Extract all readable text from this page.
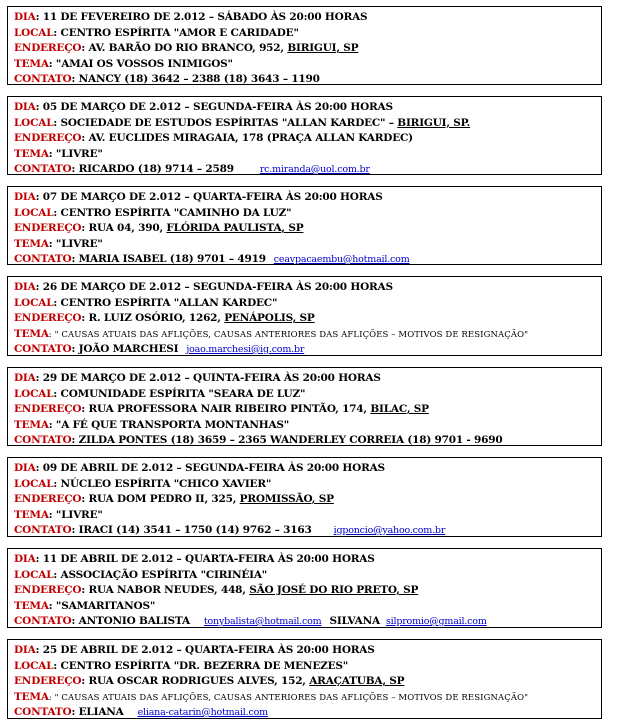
DIA: 11 DE FEVEREIRO DE 2.012 – SÁBADO ÀS 20:00 HORAS
LOCAL: CENTRO ESPÍRITA "AMOR E CARIDADE"
ENDEREÇO: AV. BARÃO DO RIO BRANCO, 952, BIRIGUI, SP
TEMA: "AMAI OS VOSSOS INIMIGOS"
CONTATO: NANCY (18) 3642 – 2388 (18) 3643 – 1190
DIA: 05 DE MARÇO DE 2.012 – SEGUNDA-FEIRA ÀS 20:00 HORAS
LOCAL: SOCIEDADE DE ESTUDOS ESPÍRITAS "ALLAN KARDEC" – BIRIGUI, SP.
ENDEREÇO: AV. EUCLIDES MIRAGAIA, 178 (PRAÇA ALLAN KARDEC)
TEMA: "LIVRE"
CONTATO: RICARDO (18) 9714 – 2589	rc.miranda@uol.com.br
DIA: 07 DE MARÇO DE 2.012 – QUARTA-FEIRA ÀS 20:00 HORAS
LOCAL: CENTRO ESPÍRITA "CAMINHO DA LUZ"
ENDEREÇO: RUA 04, 390, FLÓRIDA PAULISTA, SP
TEMA: "LIVRE"
CONTATO: MARIA ISABEL (18) 9701 – 4919 ceavpacaembu@hotmail.com
DIA: 26 DE MARÇO DE 2.012 – SEGUNDA-FEIRA ÀS 20:00 HORAS
LOCAL: CENTRO ESPÍRITA "ALLAN KARDEC"
ENDEREÇO: R. LUIZ OSÓRIO, 1262, PENÁPOLIS, SP
TEMA: " CAUSAS ATUAIS DAS AFLIÇÕES, CAUSAS ANTERIORES DAS AFLIÇÕES – MOTIVOS DE RESIGNAÇÃO"
CONTATO: JOÃO MARCHESI joao.marchesi@ig.com.br
DIA: 29 DE MARÇO DE 2.012 – QUINTA-FEIRA ÀS 20:00 HORAS
LOCAL: COMUNIDADE ESPÍRITA "SEARA DE LUZ"
ENDEREÇO: RUA PROFESSORA NAIR RIBEIRO PINTÃO, 174, BILAC, SP
TEMA: "A FÉ QUE TRANSPORTA MONTANHAS"
CONTATO: ZILDA PONTES (18) 3659 – 2365 WANDERLEY CORREIA (18) 9701 - 9690
DIA: 09 DE ABRIL DE 2.012 – SEGUNDA-FEIRA ÀS 20:00 HORAS
LOCAL: NÚCLEO ESPÍRITA "CHICO XAVIER"
ENDEREÇO: RUA DOM PEDRO II, 325, PROMISSÃO, SP
TEMA: "LIVRE"
CONTATO: IRACI (14) 3541 – 1750 (14) 9762 – 3163 igponcio@yahoo.com.br
DIA: 11 DE ABRIL DE 2.012 – QUARTA-FEIRA ÀS 20:00 HORAS
LOCAL: ASSOCIAÇÃO ESPÍRITA "CIRINÉIA"
ENDEREÇO: RUA NABOR NEUDES, 448, SÃO JOSÉ DO RIO PRETO, SP
TEMA: "SAMARITANOS"
CONTATO: ANTONIO BALISTA tonybalista@hotmail.com SILVANA silpromio@gmail.com
DIA: 25 DE ABRIL DE 2.012 – QUARTA-FEIRA ÀS 20:00 HORAS
LOCAL: CENTRO ESPÍRITA "DR. BEZERRA DE MENEZES"
ENDEREÇO: RUA OSCAR RODRIGUES ALVES, 152, ARAÇATUBA, SP
TEMA: " CAUSAS ATUAIS DAS AFLIÇÕES, CAUSAS ANTERIORES DAS AFLIÇÕES – MOTIVOS DE RESIGNAÇÃO"
CONTATO: ELIANA eliana-catarin@hotmail.com
